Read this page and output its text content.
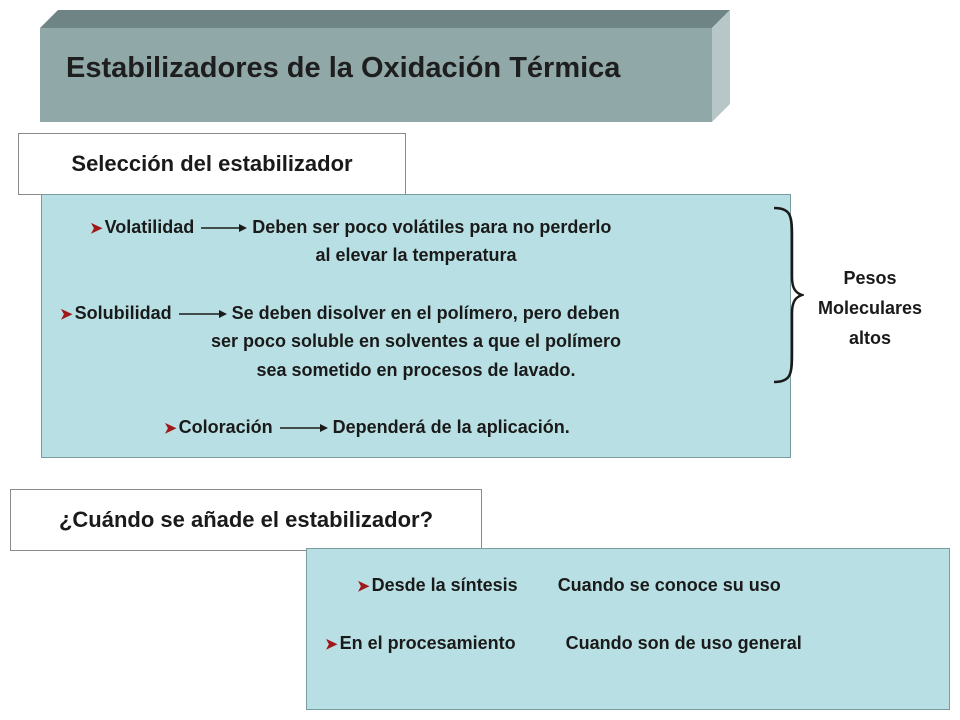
Estabilizadores de la Oxidación Térmica
Selección del estabilizador
➤ Volatilidad	Deben ser poco volátiles para no perderlo
al elevar la temperatura
➤ Solubilidad	Se deben disolver en el polímero, pero deben
ser poco soluble en solventes a que el polímero
sea sometido en procesos de lavado.
➤ Coloración	Dependerá de la aplicación.
Pesos
Moleculares
altos
¿Cuándo se añade el estabilizador?
➤ Desde la síntesis Cuando se conoce su uso
➤ En el procesamiento	Cuando son de uso general
